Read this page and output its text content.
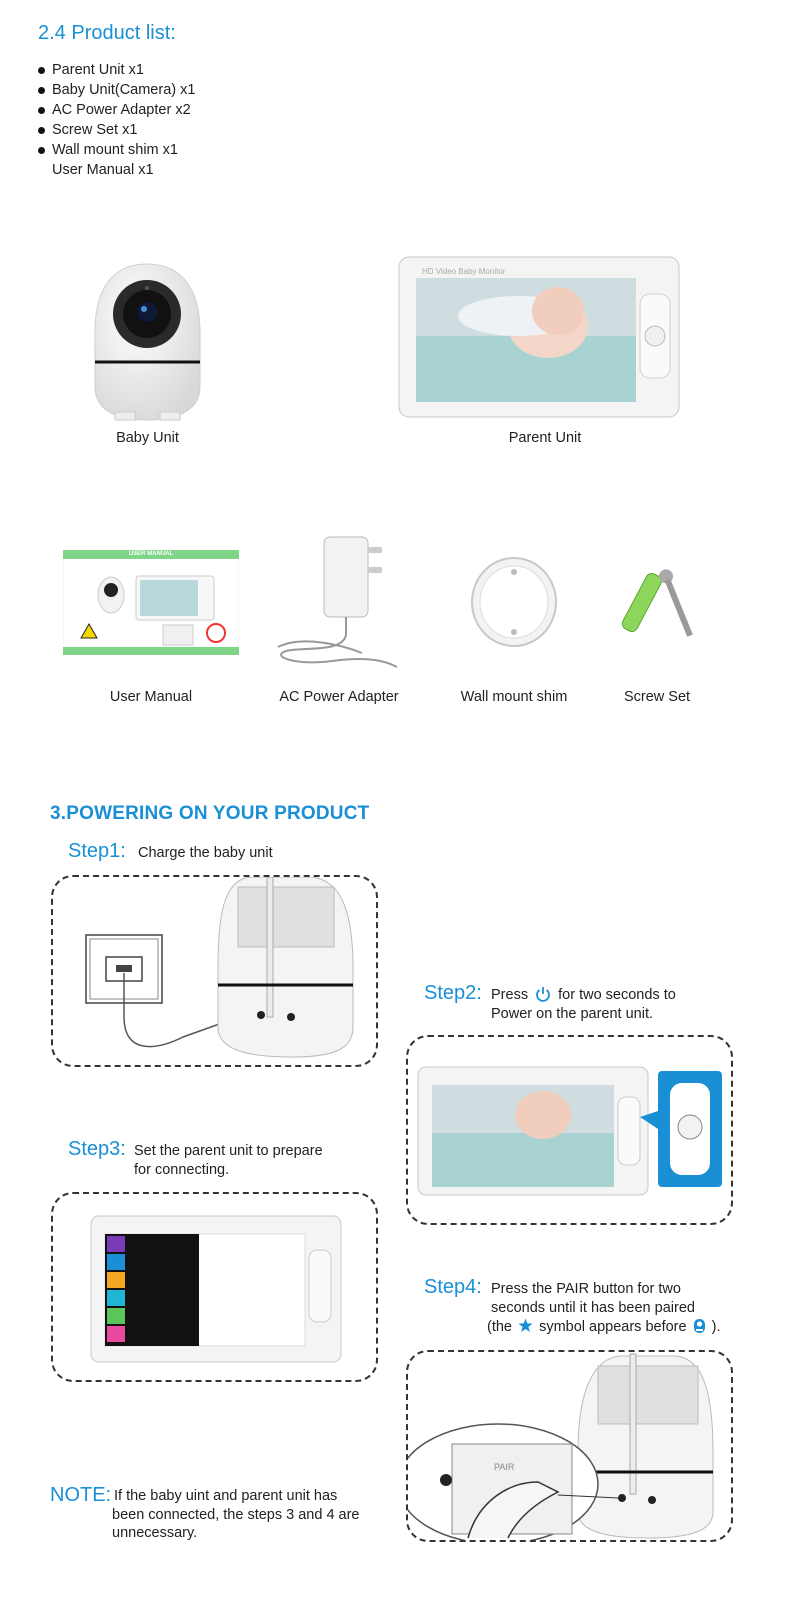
2.4 Product list:
Parent Unit x1
Baby Unit(Camera) x1
AC Power Adapter x2
Screw Set x1
Wall mount shim x1
User Manual x1
Baby Unit
HD Video Baby Monitor
Parent Unit
USER MANUAL
User Manual	AC Power Adapter	Wall mount shim	Screw Set
3.POWERING ON YOUR PRODUCT
Step1: Charge the baby unit
Step2: Press for two seconds to
Power on the parent unit.
Step3: Set the parent unit to prepare
for connecting.
Step4: Press the PAIR button for two
seconds until it has been paired
(the symbol appears before ).
PAIR
NOTE: If the baby uint and parent unit has
been connected, the steps 3 and 4 are
unnecessary.
